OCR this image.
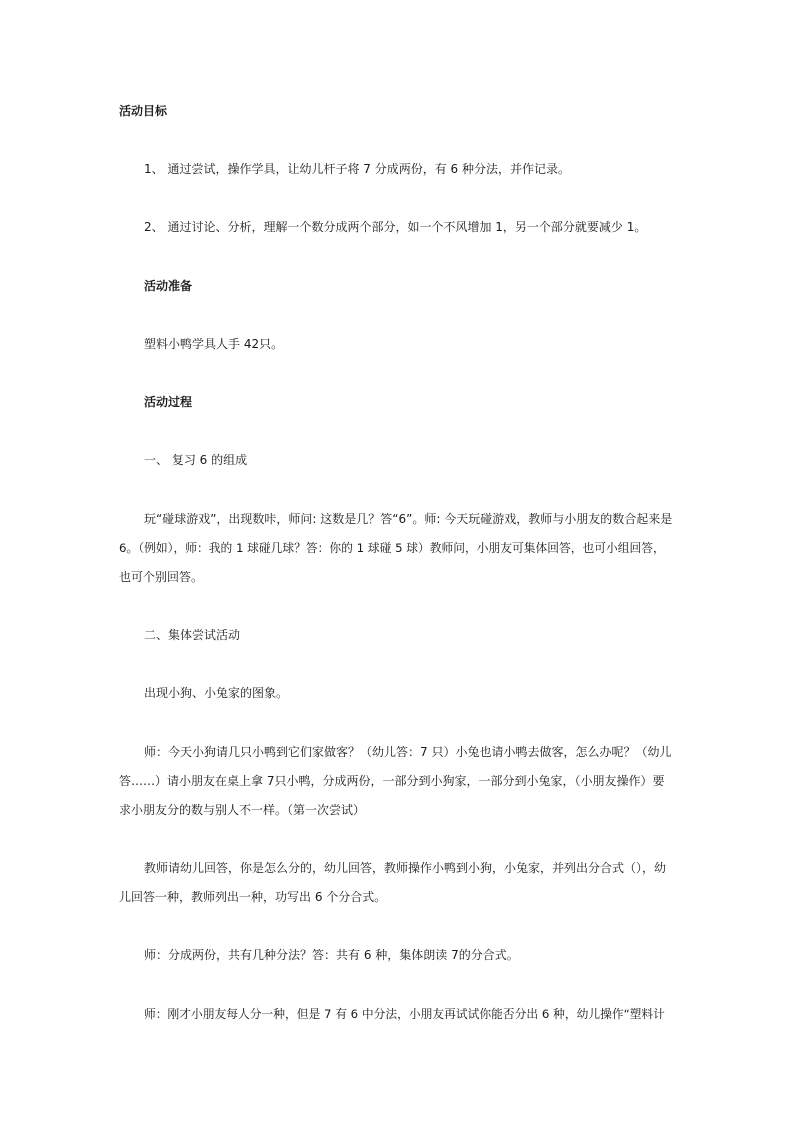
活动目标
1、 通过尝试，操作学具，让幼儿杆子将 7 分成两份，有 6 种分法，并作记录。
2、 通过讨论、分析，理解一个数分成两个部分，如一个不风增加 1，另一个部分就要减少 1。
活动准备
塑料小鸭学具人手 42只。
活动过程
一、 复习 6 的组成
玩“碰球游戏”，出现数咔，师问: 这数是几？答“6”。师: 今天玩碰游戏，教师与小朋友的数合起来是
6。（例如），师：我的 1 球碰几球？答：你的 1 球碰 5 球）教师问，小朋友可集体回答，也可小组回答，
也可个别回答。
二、集体尝试活动
出现小狗、小兔家的图象。
师：今天小狗请几只小鸭到它们家做客？（幼儿答：7 只）小兔也请小鸭去做客，怎么办呢？（幼儿
答……）请小朋友在桌上拿 7只小鸭，分成两份，一部分到小狗家，一部分到小兔家，（小朋友操作）要
求小朋友分的数与别人不一样。（第一次尝试）
教师请幼儿回答，你是怎么分的，幼儿回答，教师操作小鸭到小狗，小兔家，并列出分合式（），幼
儿回答一种，教师列出一种，功写出 6 个分合式。
师：分成两份，共有几种分法？答：共有 6 种，集体朗读 7的分合式。
师：刚才小朋友每人分一种，但是 7 有 6 中分法，小朋友再试试你能否分出 6 种，幼儿操作“塑料计
